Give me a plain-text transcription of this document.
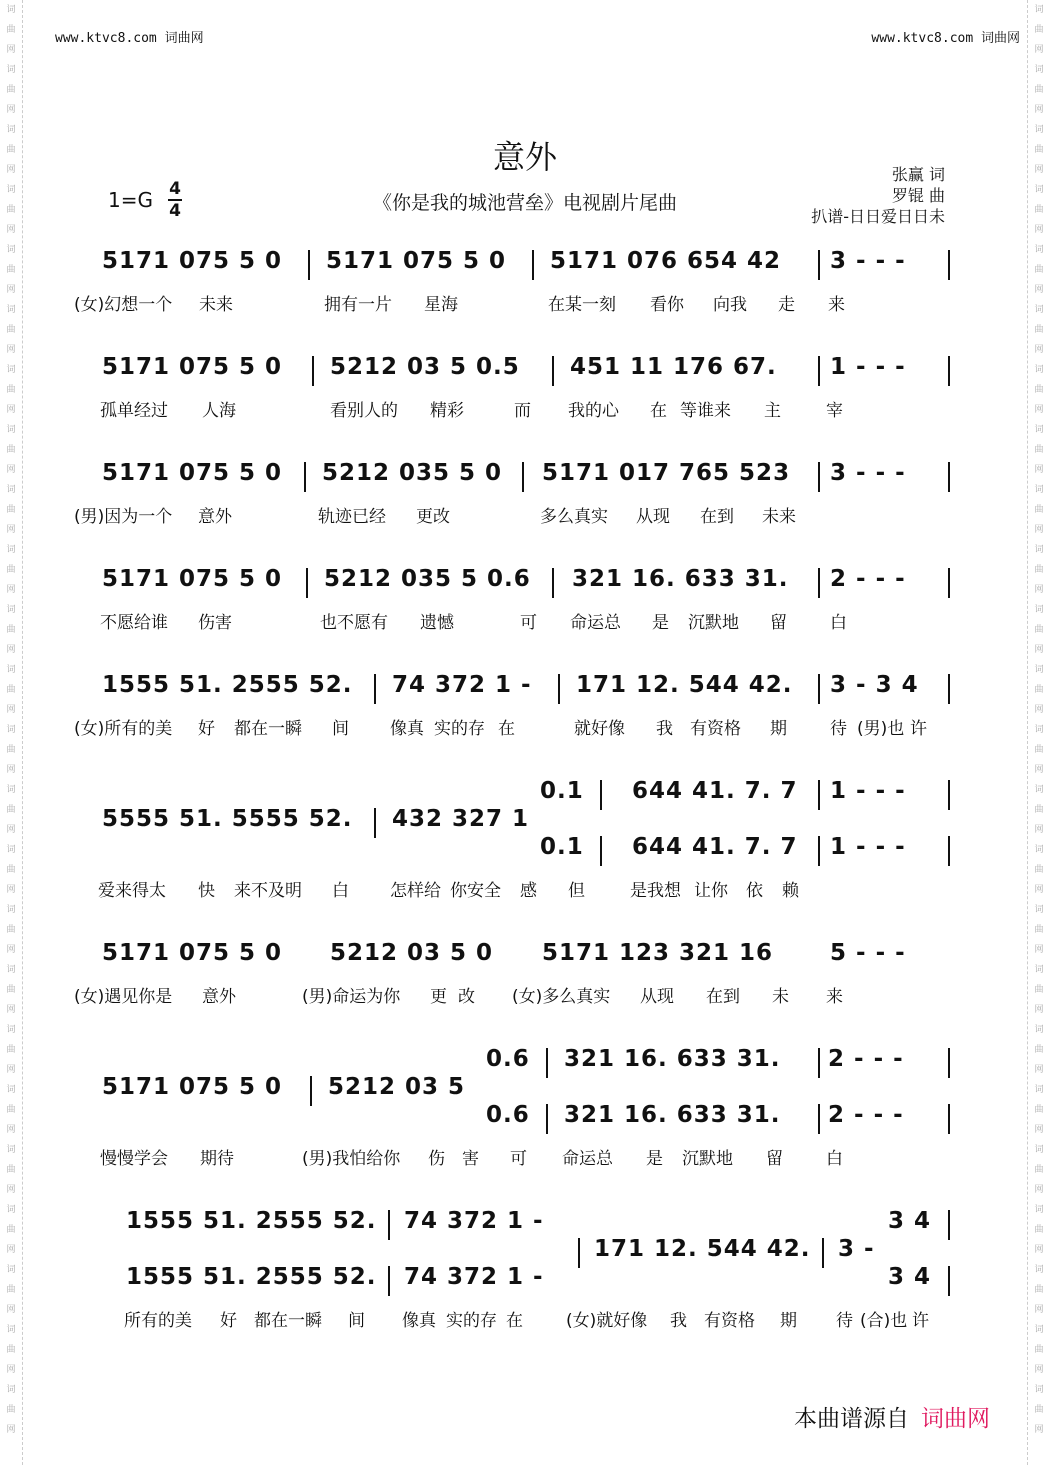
词
曲
网
词
曲
网
词
曲
网
词
曲
网
词
曲
网
词
曲
网
词
曲
网
词
曲
网
词
曲
网
词
曲
网
词
曲
网
词
曲
网
词
曲
网
词
曲
网
词
曲
网
词
曲
网
词
曲
网
词
曲
网
词
曲
网
词
曲
网
词
曲
网
词
曲
网
词
曲
网
词
曲
网
词
曲
网
词
曲
网
词
曲
网
词
曲
网
词
曲
网
词
曲
网
词
曲
网
词
曲
网
词
曲
网
词
曲
网
词
曲
网
词
曲
网
词
曲
网
词
曲
网
词
曲
网
词
曲
网
词
曲
网
词
曲
网
词
曲
网
词
曲
网
词
曲
网
词
曲
网
词
曲
网
词
曲
网
www.ktvc8.com 词曲网	www.ktvc8.com 词曲网
意外
《你是我的城池营垒》电视剧片尾曲
1=G 4
4
张赢 词
罗锟 曲
扒谱-日日爱日日未
5171 075 5 0 5171 075 5 0 5171 076 654 42 3 - - -
(女)幻想一个 未来	拥有一片 星海	在某一刻 看你 向我 走 来
5171 075 5 0 5212 03 5 0.5 451 11 176 67. 1 - - -
孤单经过 人海	看别人的 精彩	而 我的心 在 等谁来 主	宰
5171 075 5 0 5212 035 5 0 5171 017 765 523 3 - - -
(男)因为一个 意外	轨迹已经 更改	多么真实 从现 在到 未来
5171 075 5 0 5212 035 5 0.6 321 16. 633 31. 2 - - -
不愿给谁 伤害	也不愿有 遗憾	可 命运总 是 沉默地 留	白
1555 51. 2555 52. 74 372 1 - 171 12. 544 42. 3 - 3 4
(女)所有的美 好 都在一瞬 间 像真 实的存 在	就好像 我 有资格 期	待 (男)也 许
5555 51. 5555 52. 432 327 1
0.1 644 41. 7. 7 1 - - -
0.1 644 41. 7. 7 1 - - -
爱来得太 快 来不及明 白 怎样给 你安全 感 但	是我想 让你 依 赖
5171 075 5 0 5212 03 5 0 5171 123 321 16 5 - - -
(女)遇见你是 意外	(男)命运为你 更 改 (女)多么真实 从现 在到 未 来
5171 075 5 0 5212 03 5
0.6 321 16. 633 31. 2 - - -
0.6 321 16. 633 31. 2 - - -
慢慢学会 期待	(男)我怕给你 伤 害 可 命运总 是 沉默地 留	白
1555 51. 2555 52. 74 372 1 -	3 4
171 12. 544 42. 3 -
1555 51. 2555 52. 74 372 1 -	3 4
所有的美 好 都在一瞬 间 像真 实的存 在	(女)就好像 我 有资格 期 待 (合)也 许
本曲谱源自 词曲网
